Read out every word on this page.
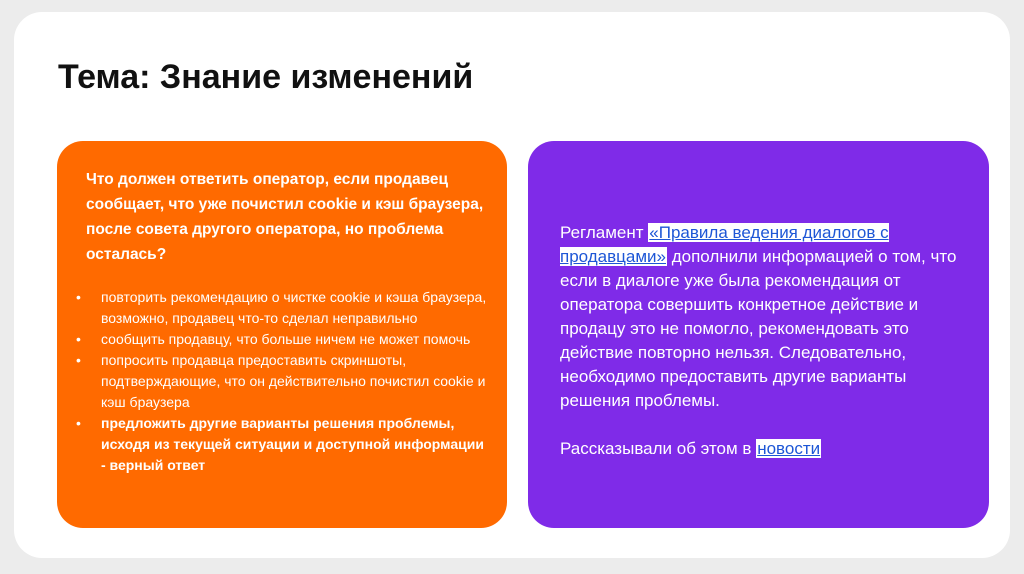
Тема: Знание изменений

Что должен ответить оператор, если продавец сообщает, что уже почистил cookie и кэш браузера, после совета другого оператора, но проблема осталась?

• повторить рекомендацию о чистке cookie и кэша браузера, возможно, продавец что-то сделал неправильно
• сообщить продавцу, что больше ничем не может помочь
• попросить продавца предоставить скриншоты, подтверждающие, что он действительно почистил cookie и кэш браузера
• предложить другие варианты решения проблемы, исходя из текущей ситуации и доступной информации - верный ответ

Регламент «Правила ведения диалогов с продавцами» дополнили информацией о том, что если в диалоге уже была рекомендация от оператора совершить конкретное действие и продацу это не помогло, рекомендовать это действие повторно нельзя. Следовательно, необходимо предоставить другие варианты решения проблемы.

Рассказывали об этом в новости
